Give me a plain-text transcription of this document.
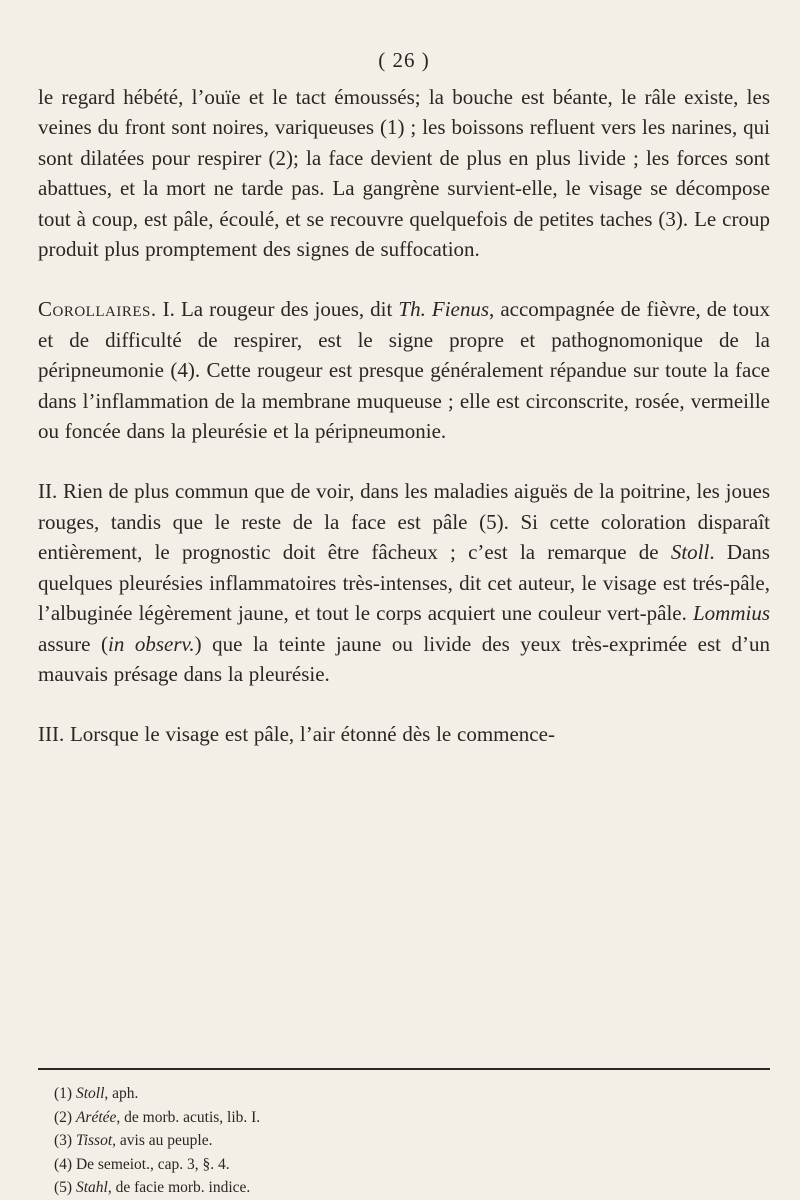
( 26 )

le regard hébété, l’ouïe et le tact émoussés; la bouche est béante, le râle existe, les veines du front sont noires, variqueuses (1) ; les boissons refluent vers les narines, qui sont dilatées pour respirer (2); la face devient de plus en plus livide ; les forces sont abattues, et la mort ne tarde pas. La gangrène survient-elle, le visage se décompose tout à coup, est pâle, écoulé, et se recouvre quelquefois de petites taches (3). Le croup produit plus promptement des signes de suffocation.

Corollaires. I. La rougeur des joues, dit Th. Fienus, accompagnée de fièvre, de toux et de difficulté de respirer, est le signe propre et pathognomonique de la péripneumonie (4). Cette rougeur est presque généralement répandue sur toute la face dans l’inflammation de la membrane muqueuse ; elle est circonscrite, rosée, vermeille ou foncée dans la pleurésie et la péripneumonie.

II. Rien de plus commun que de voir, dans les maladies aiguës de la poitrine, les joues rouges, tandis que le reste de la face est pâle (5). Si cette coloration disparaît entièrement, le prognostic doit être fâcheux ; c’est la remarque de Stoll. Dans quelques pleurésies inflammatoires très-intenses, dit cet auteur, le visage est trés-pâle, l’albuginée légèrement jaune, et tout le corps acquiert une couleur vert-pâle. Lommius assure (in observ.) que la teinte jaune ou livide des yeux très-exprimée est d’un mauvais présage dans la pleurésie.

III. Lorsque le visage est pâle, l’air étonné dès le commence-

(1) Stoll, aph.
(2) Arétée, de morb. acutis, lib. I.
(3) Tissot, avis au peuple.
(4) De semeiot., cap. 3, §. 4.
(5) Stahl, de facie morb. indice.
